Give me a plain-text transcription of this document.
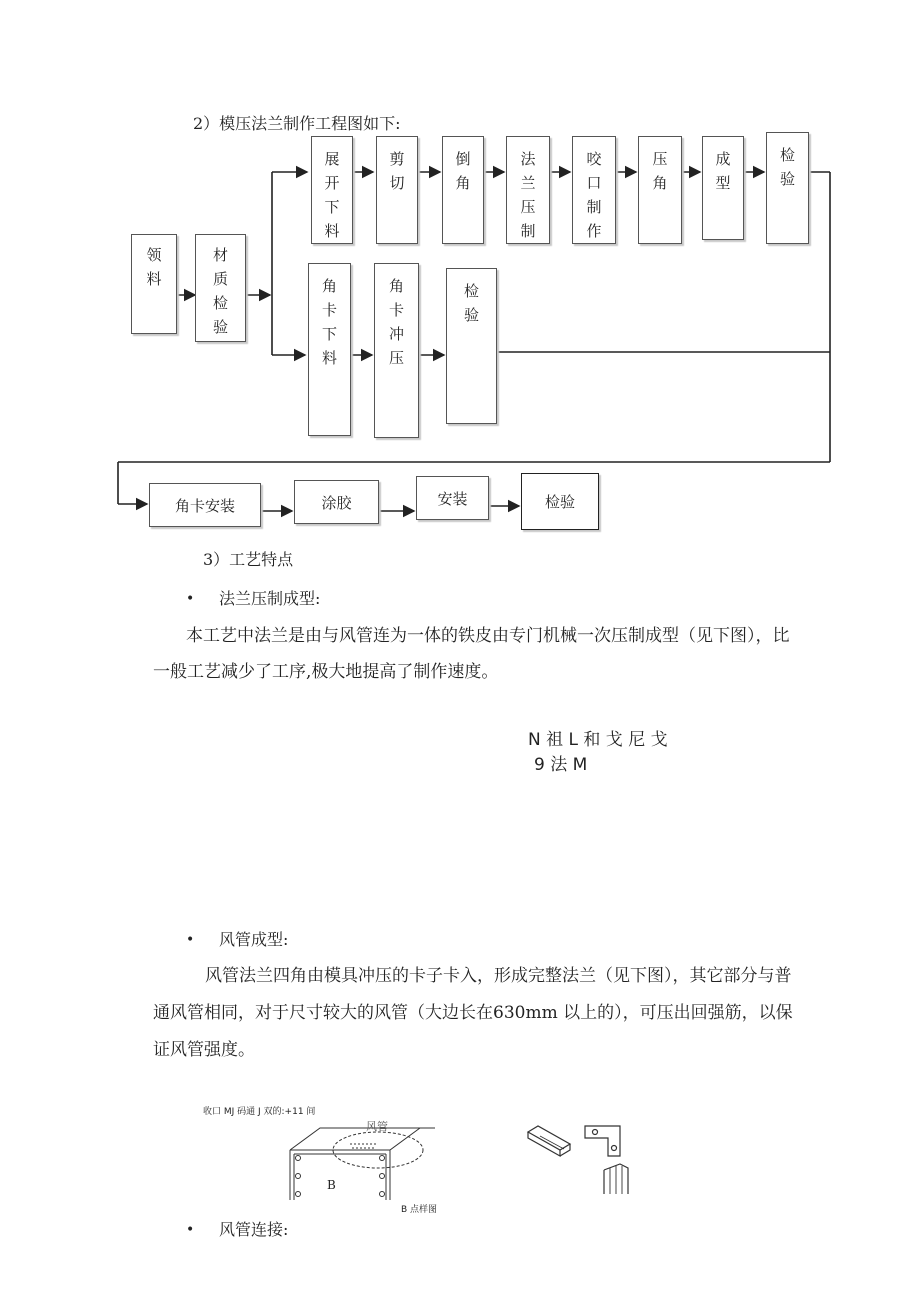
2）模压法兰制作工程图如下:
领料
材质检验
展开下料
剪切
倒角
法兰压制
咬口制作
压角
成型
检验
角卡下料
角卡冲压
检验
角卡安装	涂胶	安装	检验
3）工艺特点
• 法兰压制成型:
本工艺中法兰是由与风管连为一体的铁皮由专门机械一次压制成型（见下图），比
一般工艺减少了工序,极大地提高了制作速度。
N 祖 L 和 戈 尼 戈
9 法 M
• 风管成型:
风管法兰四角由模具冲压的卡子卡入，形成完整法兰（见下图），其它部分与普
通风管相同，对于尺寸较大的风管（大边长在630mm 以上的），可压出回强筋，以保
证风管强度。
收口 MJ 码通 J 双的:+11 间
风管
B
B 点样图
• 风管连接:
